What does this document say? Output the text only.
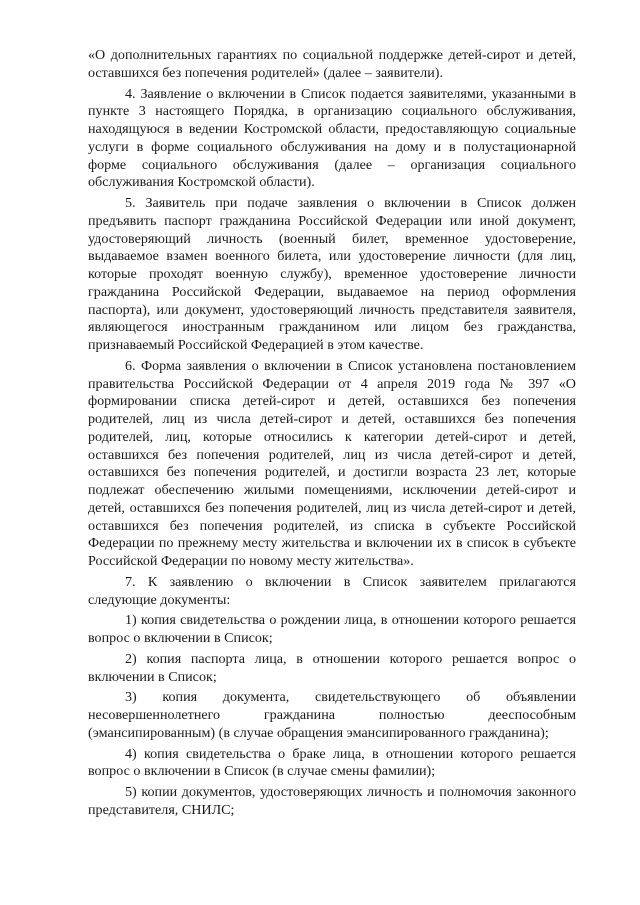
«О дополнительных гарантиях по социальной поддержке детей-сирот и детей, оставшихся без попечения родителей» (далее – заявители).

4. Заявление о включении в Список подается заявителями, указанными в пункте 3 настоящего Порядка, в организацию социального обслуживания, находящуюся в ведении Костромской области, предоставляющую социальные услуги в форме социального обслуживания на дому и в полустационарной форме социального обслуживания (далее – организация социального обслуживания Костромской области).

5. Заявитель при подаче заявления о включении в Список должен предъявить паспорт гражданина Российской Федерации или иной документ, удостоверяющий личность (военный билет, временное удостоверение, выдаваемое взамен военного билета, или удостоверение личности (для лиц, которые проходят военную службу), временное удостоверение личности гражданина Российской Федерации, выдаваемое на период оформления паспорта), или документ, удостоверяющий личность представителя заявителя, являющегося иностранным гражданином или лицом без гражданства, признаваемый Российской Федерацией в этом качестве.

6. Форма заявления о включении в Список установлена постановлением правительства Российской Федерации от 4 апреля 2019 года № 397 «О формировании списка детей-сирот и детей, оставшихся без попечения родителей, лиц из числа детей-сирот и детей, оставшихся без попечения родителей, лиц, которые относились к категории детей-сирот и детей, оставшихся без попечения родителей, лиц из числа детей-сирот и детей, оставшихся без попечения родителей, и достигли возраста 23 лет, которые подлежат обеспечению жилыми помещениями, исключении детей-сирот и детей, оставшихся без попечения родителей, лиц из числа детей-сирот и детей, оставшихся без попечения родителей, из списка в субъекте Российской Федерации по прежнему месту жительства и включении их в список в субъекте Российской Федерации по новому месту жительства».

7. К заявлению о включении в Список заявителем прилагаются следующие документы:

1) копия свидетельства о рождении лица, в отношении которого решается вопрос о включении в Список;

2) копия паспорта лица, в отношении которого решается вопрос о включении в Список;

3) копия документа, свидетельствующего об объявлении несовершеннолетнего гражданина полностью дееспособным (эмансипированным) (в случае обращения эмансипированного гражданина);

4) копия свидетельства о браке лица, в отношении которого решается вопрос о включении в Список (в случае смены фамилии);

5) копии документов, удостоверяющих личность и полномочия законного представителя, СНИЛС;
